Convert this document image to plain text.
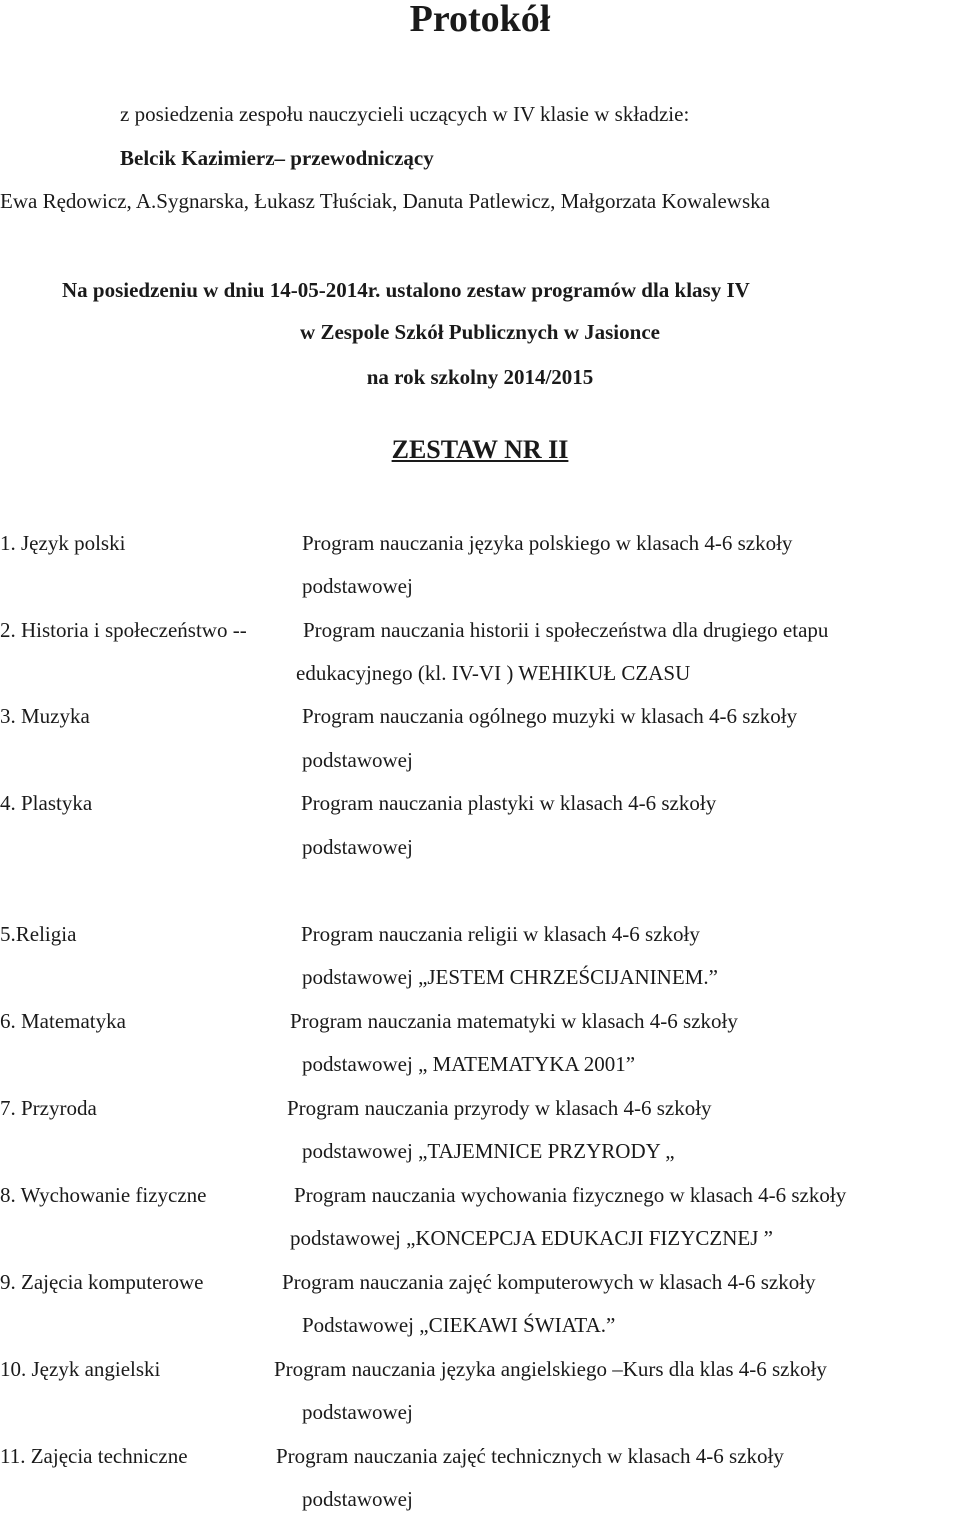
Protokół
z posiedzenia zespołu nauczycieli uczących w IV klasie w składzie:
Belcik Kazimierz– przewodniczący
Ewa Rędowicz, A.Sygnarska, Łukasz Tłuściak, Danuta Patlewicz, Małgorzata Kowalewska
Na posiedzeniu w dniu 14-05-2014r. ustalono zestaw programów dla klasy IV
w Zespole Szkół Publicznych w Jasionce
na rok szkolny 2014/2015
ZESTAW NR II
1. Język polski	Program nauczania języka polskiego w klasach 4-6 szkoły
podstawowej
2. Historia i społeczeństwo --	Program nauczania historii i społeczeństwa dla drugiego etapu
edukacyjnego (kl. IV-VI ) WEHIKUŁ CZASU
3. Muzyka	Program nauczania ogólnego muzyki w klasach 4-6 szkoły
podstawowej
4. Plastyka	Program nauczania plastyki w klasach 4-6 szkoły
podstawowej
5.Religia	Program nauczania religii w klasach 4-6 szkoły
podstawowej „JESTEM CHRZEŚCIJANINEM.”
6. Matematyka	Program nauczania matematyki w klasach 4-6 szkoły
podstawowej „ MATEMATYKA 2001”
7. Przyroda	Program nauczania przyrody w klasach 4-6 szkoły
podstawowej „TAJEMNICE PRZYRODY „
8. Wychowanie fizyczne	Program nauczania wychowania fizycznego w klasach 4-6 szkoły
podstawowej „KONCEPCJA EDUKACJI FIZYCZNEJ ”
9. Zajęcia komputerowe	Program nauczania zajęć komputerowych w klasach 4-6 szkoły
Podstawowej „CIEKAWI ŚWIATA.”
10. Język angielski	Program nauczania języka angielskiego –Kurs dla klas 4-6 szkoły
podstawowej
11. Zajęcia techniczne	Program nauczania zajęć technicznych w klasach 4-6 szkoły
podstawowej
